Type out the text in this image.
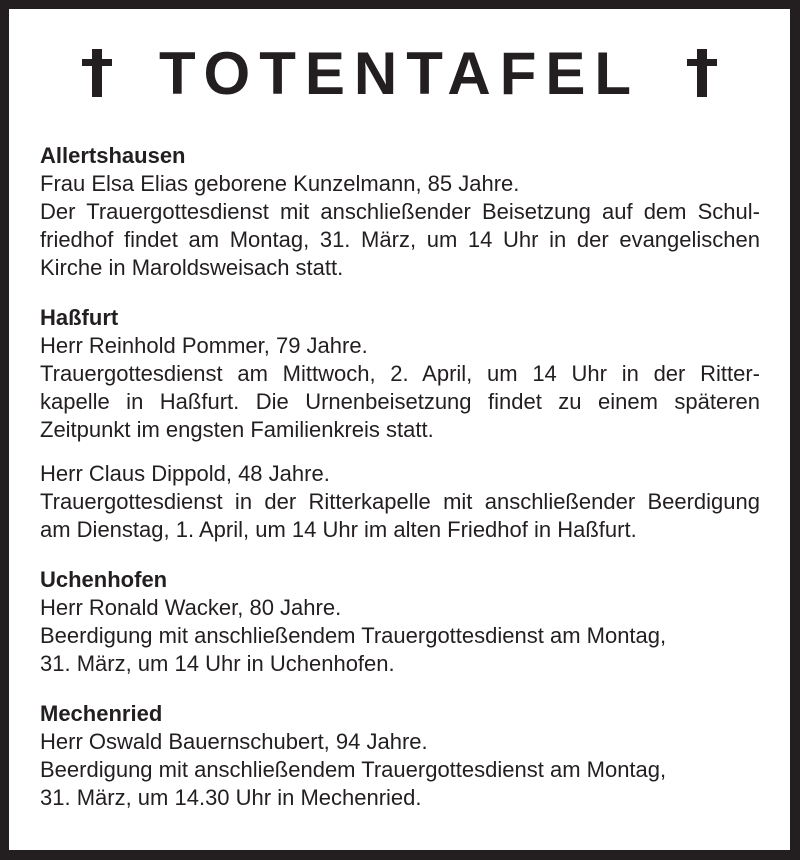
TOTENTAFEL
Allertshausen
Frau Elsa Elias geborene Kunzelmann, 85 Jahre.
Der Trauergottesdienst mit anschließender Beisetzung auf dem Schul-
friedhof findet am Montag, 31. März, um 14 Uhr in der evangelischen
Kirche in Maroldsweisach statt.
Haßfurt
Herr Reinhold Pommer, 79 Jahre.
Trauergottesdienst am Mittwoch, 2. April, um 14 Uhr in der Ritter-
kapelle in Haßfurt. Die Urnenbeisetzung findet zu einem späteren
Zeitpunkt im engsten Familienkreis statt.
Herr Claus Dippold, 48 Jahre.
Trauergottesdienst in der Ritterkapelle mit anschließender Beerdigung
am Dienstag, 1. April, um 14 Uhr im alten Friedhof in Haßfurt.
Uchenhofen
Herr Ronald Wacker, 80 Jahre.
Beerdigung mit anschließendem Trauergottesdienst am Montag,
31. März, um 14 Uhr in Uchenhofen.
Mechenried
Herr Oswald Bauernschubert, 94 Jahre.
Beerdigung mit anschließendem Trauergottesdienst am Montag,
31. März, um 14.30 Uhr in Mechenried.
